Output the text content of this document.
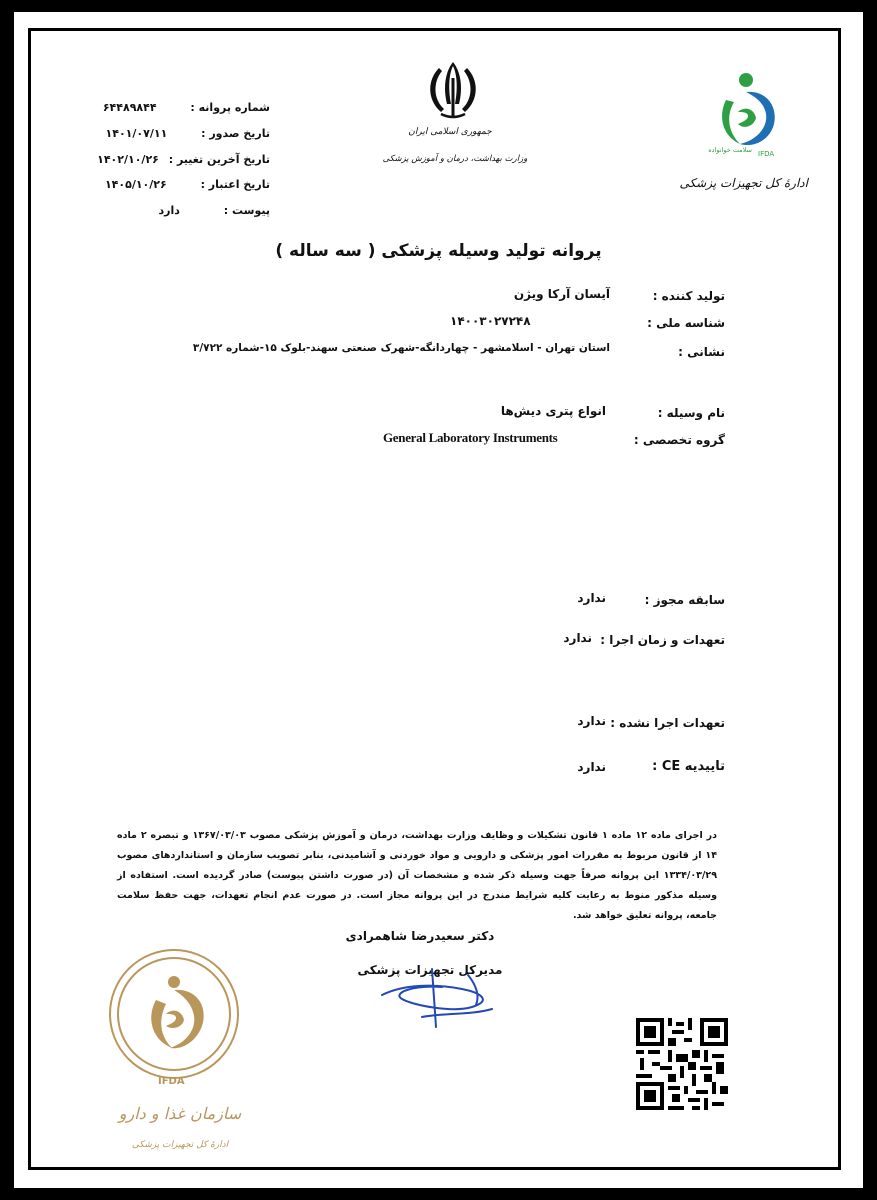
شماره پروانه : ۶۴۴۸۹۸۴۴
تاریخ صدور : ۱۴۰۱/۰۷/۱۱
تاریخ آخرین تغییر : ۱۴۰۲/۱۰/۲۶
تاریخ اعتبار : ۱۴۰۵/۱۰/۲۶
پیوست : دارد
جمهوری اسلامی ایران
وزارت بهداشت، درمان و آموزش پزشکی	IFDA
سلامت خوانواده
ادارهٔ کل تجهیزات پزشکی
پروانه تولید وسیله پزشکی ( سه ساله )
تولید کننده :
آیسان آرکا ویژن
شناسه ملی :
۱۴۰۰۳۰۲۷۲۴۸
نشانی :
استان تهران - اسلامشهر - چهاردانگه-شهرک صنعتی سهند-بلوک ۱۵-شماره ۳/۷۲۲
نام وسیله :
انواع پتری دیش‌ها
گروه تخصصی :
General Laboratory Instruments
سابقه مجوز :
ندارد
تعهدات و زمان اجرا :
ندارد
تعهدات اجرا نشده :
ندارد
تاییدیه CE :
ندارد
در اجرای ماده ۱۲ ماده ۱ قانون تشکیلات و وظایف وزارت بهداشت، درمان و آموزش پزشکی مصوب ۱۳۶۷/۰۳/۰۳ و تبصره ۲ ماده ۱۴ از قانون مربوط به مقررات امور پزشکی و دارویی و مواد خوردنی و آشامیدنی، بنابر تصویب سازمان و استانداردهای مصوب ۱۳۳۴/۰۳/۲۹ این پروانه صرفاً جهت وسیله ذکر شده و مشخصات آن (در صورت داشتن پیوست) صادر گردیده است. استفاده از وسیله مذکور منوط به رعایت کلیه شرایط مندرج در این پروانه مجاز است. در صورت عدم انجام تعهدات، جهت حفظ سلامت جامعه، پروانه تعلیق خواهد شد.
دکتر سعیدرضا شاهمرادی
مدیرکل تجهیزات پزشکی
IFDA
سازمان غذا و دارو
ادارهٔ کل تجهیزات پزشکی
